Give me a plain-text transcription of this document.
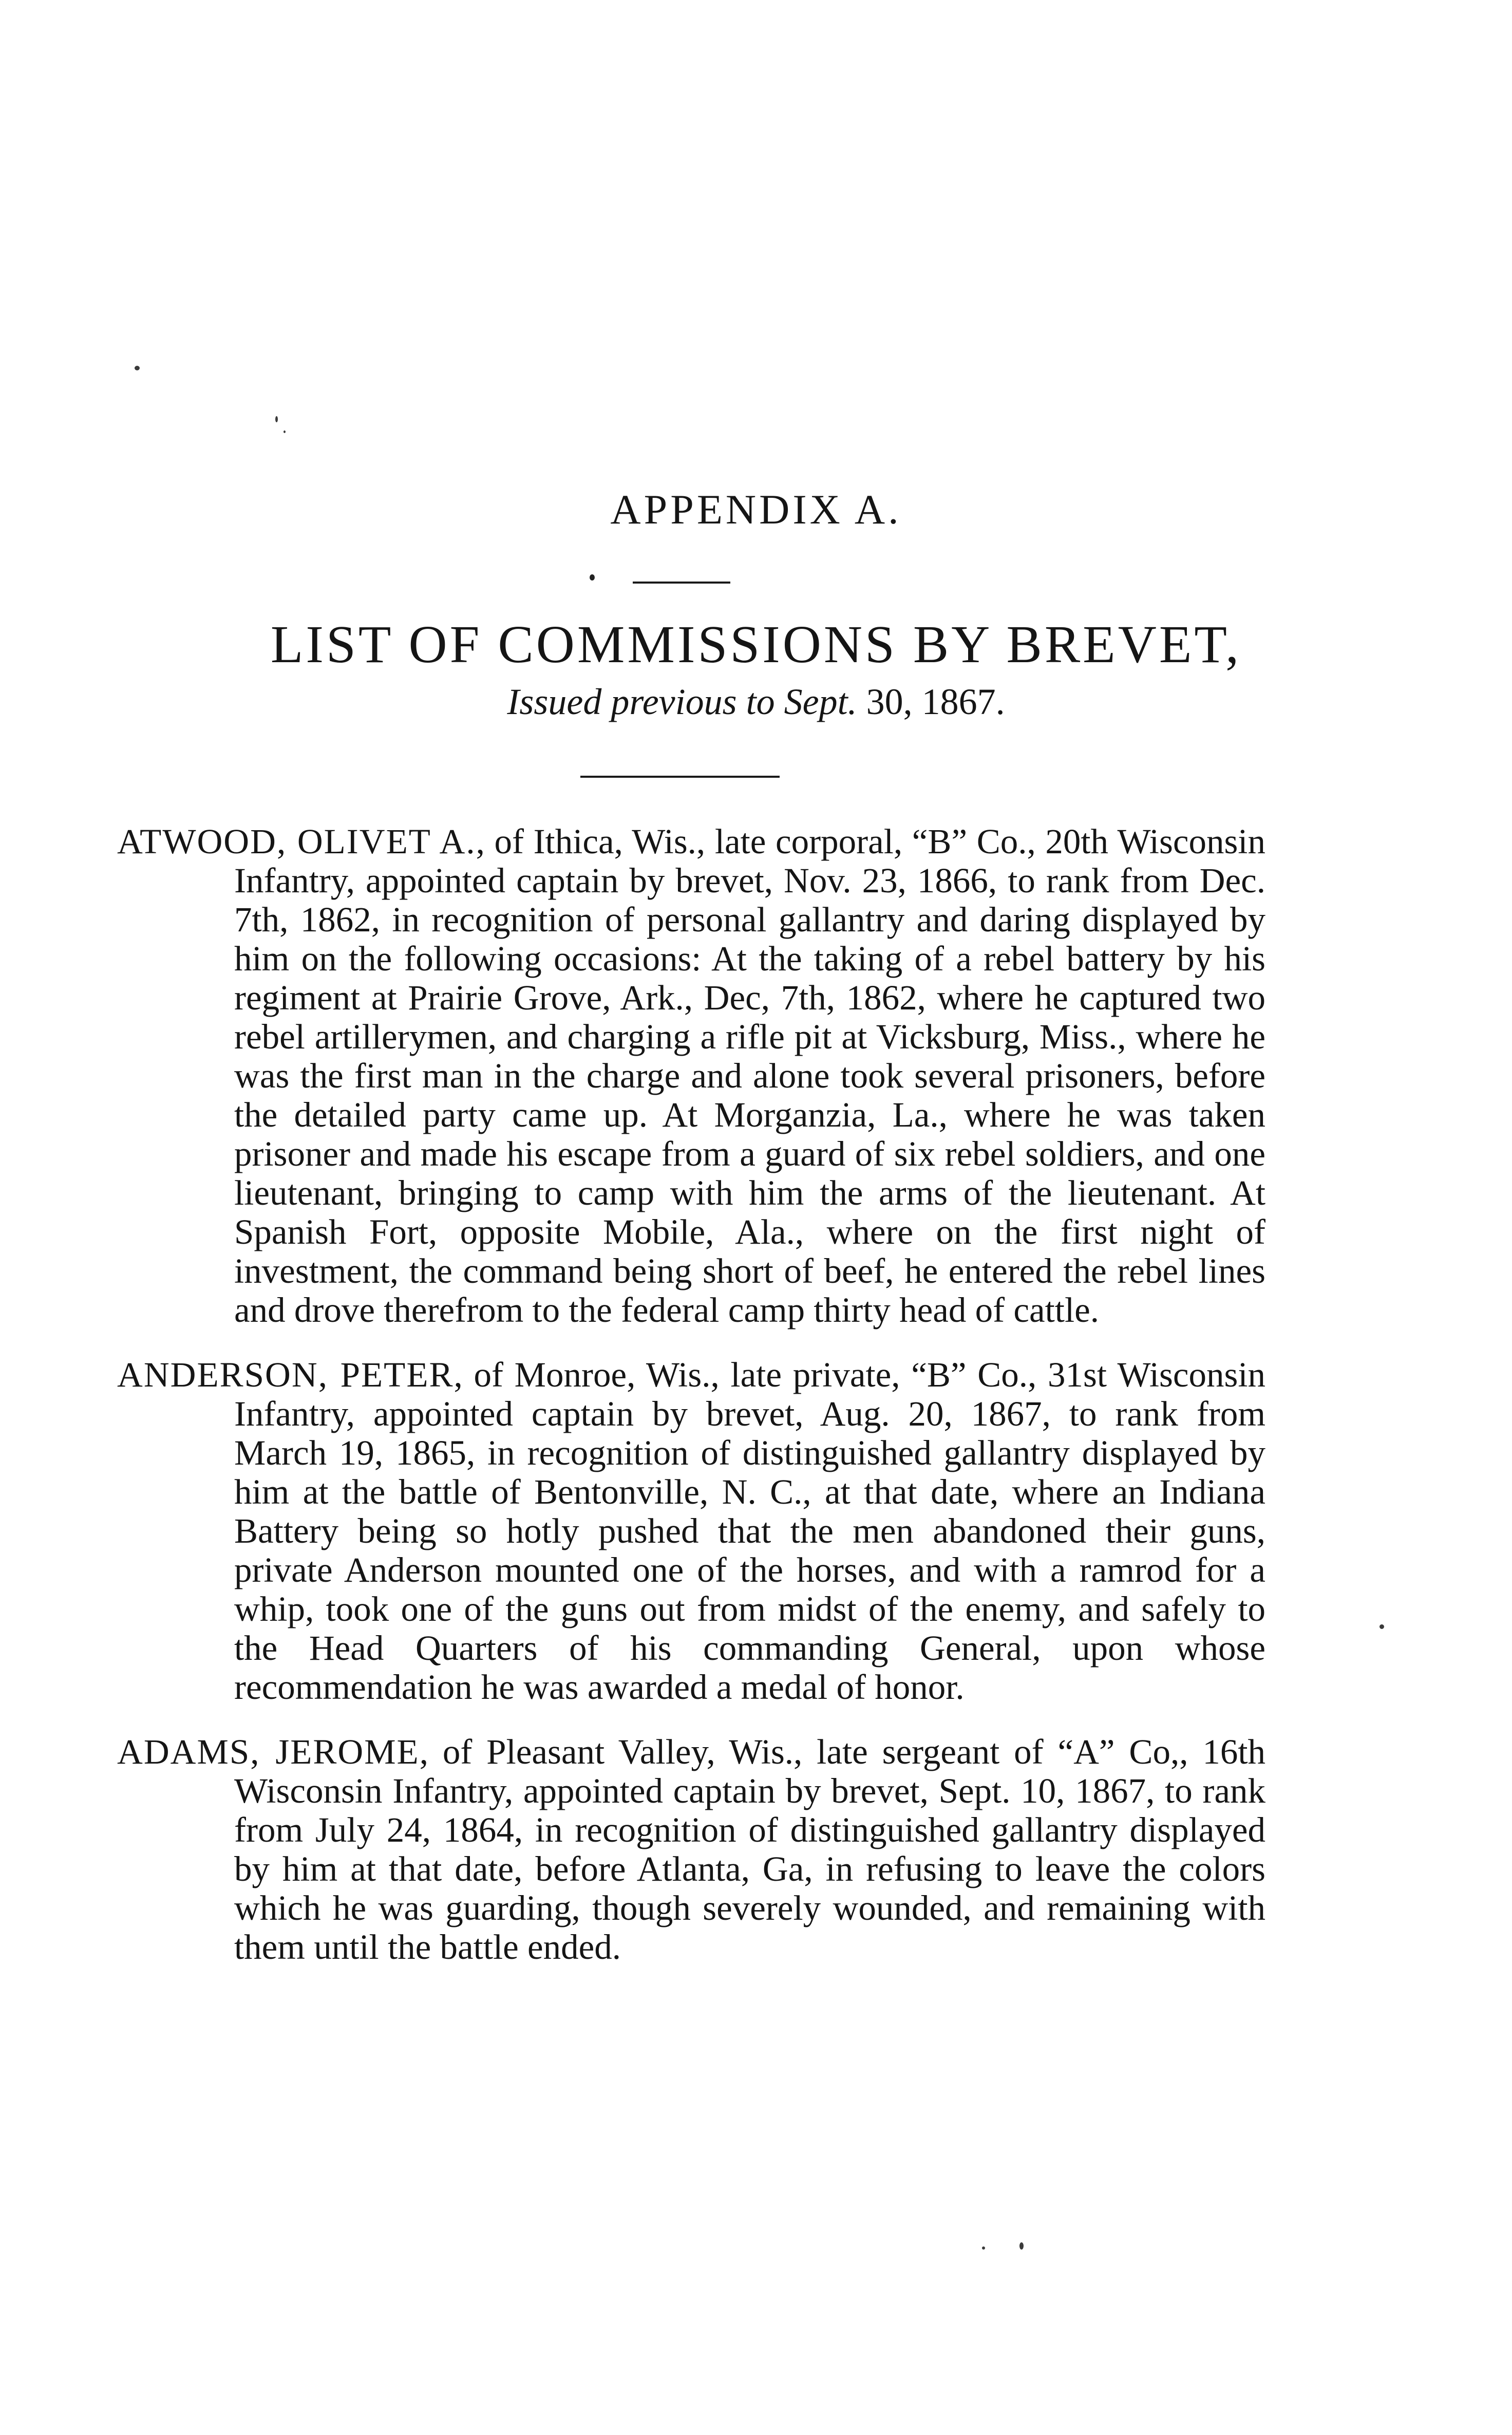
APPENDIX A.
LIST OF COMMISSIONS BY BREVET,
Issued previous to Sept. 30, 1867.

ATWOOD, OLIVET A., of Ithica, Wis., late corporal, “B” Co., 20th Wisconsin Infantry, appointed captain by brevet, Nov. 23, 1866, to rank from Dec. 7th, 1862, in recognition of personal gallantry and daring displayed by him on the following occasions: At the taking of a rebel battery by his regiment at Prairie Grove, Ark., Dec, 7th, 1862, where he captured two rebel artillerymen, and charging a rifle pit at Vicksburg, Miss., where he was the first man in the charge and alone took several prisoners, before the detailed party came up. At Morganzia, La., where he was taken prisoner and made his escape from a guard of six rebel soldiers, and one lieutenant, bringing to camp with him the arms of the lieutenant. At Spanish Fort, opposite Mobile, Ala., where on the first night of investment, the command being short of beef, he entered the rebel lines and drove therefrom to the federal camp thirty head of cattle.

ANDERSON, PETER, of Monroe, Wis., late private, “B” Co., 31st Wisconsin Infantry, appointed captain by brevet, Aug. 20, 1867, to rank from March 19, 1865, in recognition of distinguished gallantry displayed by him at the battle of Bentonville, N. C., at that date, where an Indiana Battery being so hotly pushed that the men abandoned their guns, private Anderson mounted one of the horses, and with a ramrod for a whip, took one of the guns out from midst of the enemy, and safely to the Head Quarters of his commanding General, upon whose recommendation he was awarded a medal of honor.

ADAMS, JEROME, of Pleasant Valley, Wis., late sergeant of “A” Co,, 16th Wisconsin Infantry, appointed captain by brevet, Sept. 10, 1867, to rank from July 24, 1864, in recognition of distinguished gallantry displayed by him at that date, before Atlanta, Ga, in refusing to leave the colors which he was guarding, though severely wounded, and remaining with them until the battle ended.
